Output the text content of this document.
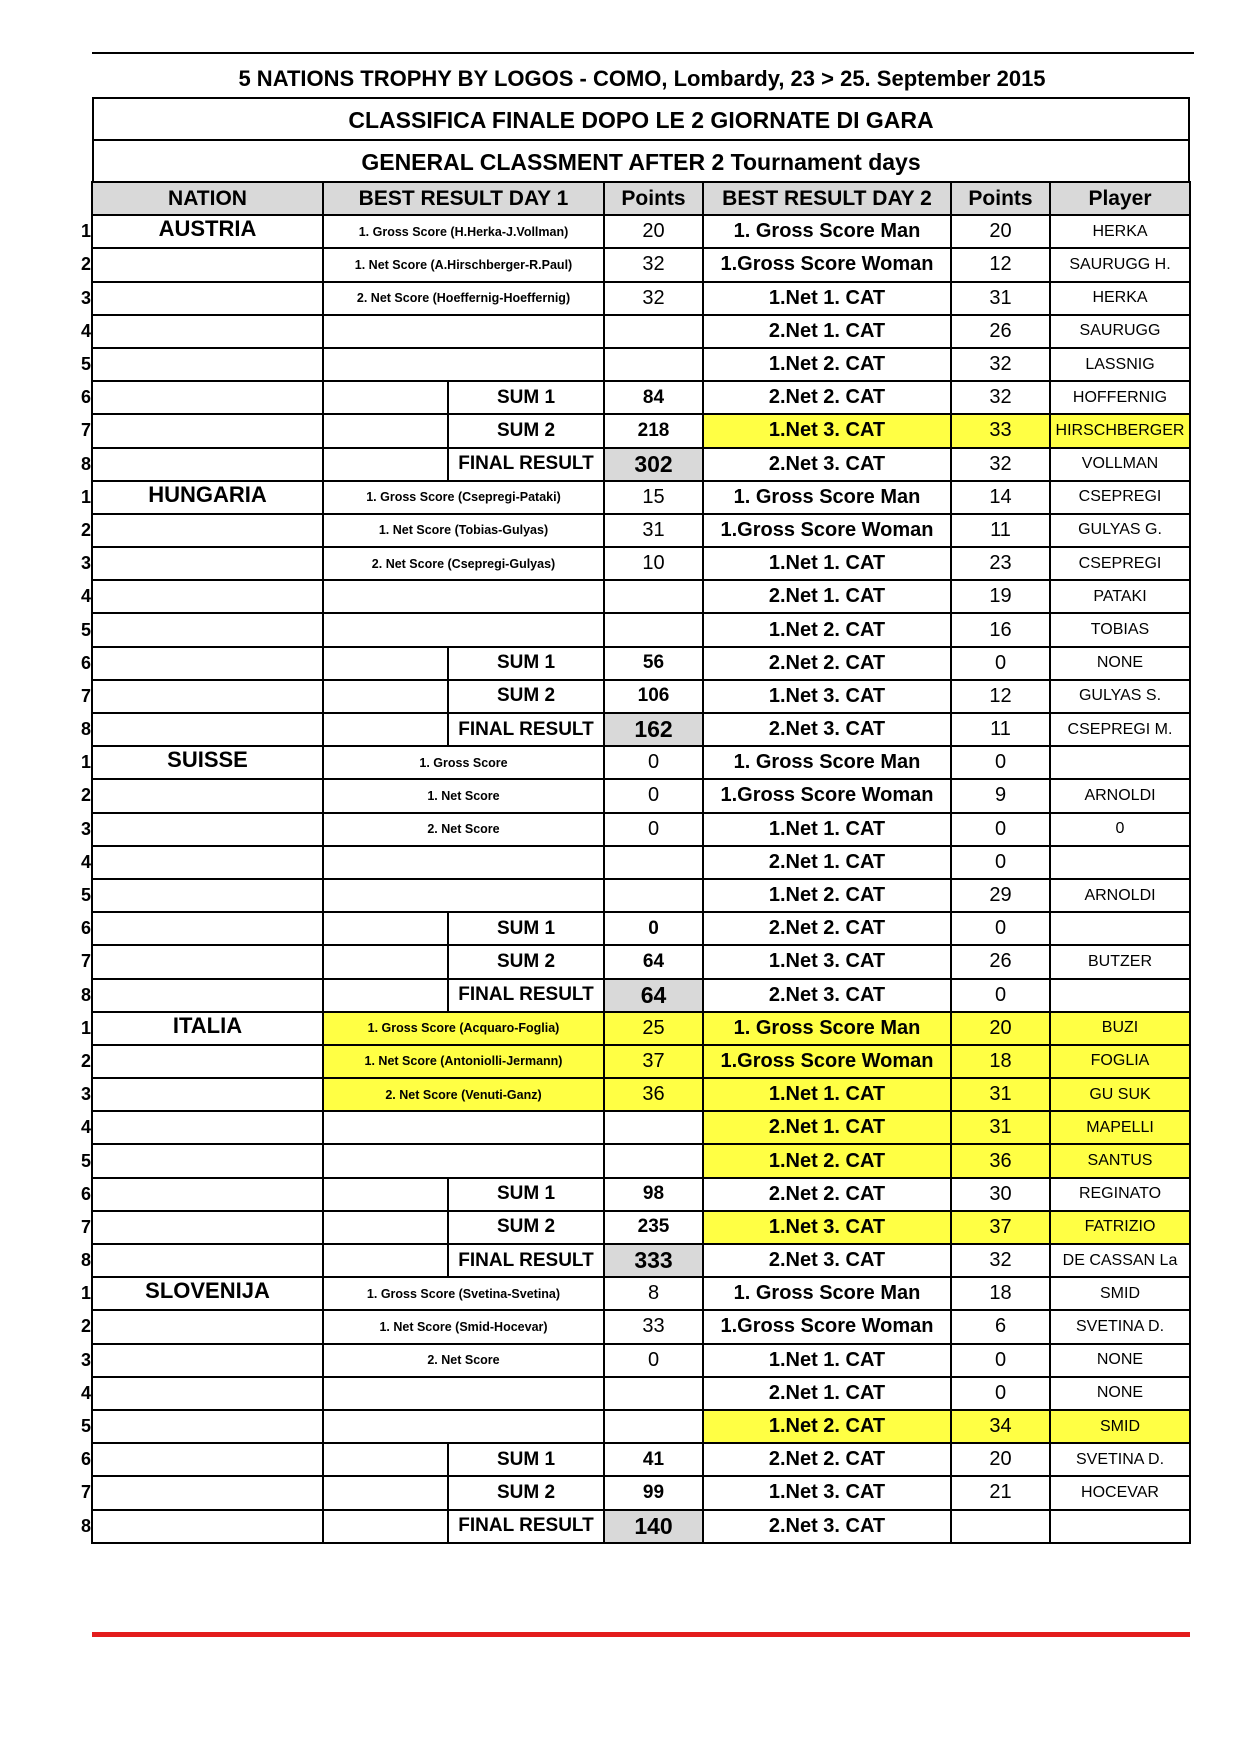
5 NATIONS TROPHY BY LOGOS - COMO, Lombardy, 23 > 25. September 2015
CLASSIFICA FINALE DOPO LE 2 GIORNATE DI GARA
GENERAL CLASSMENT AFTER 2 Tournament days
	NATION	BEST RESULT DAY 1		Points	BEST RESULT DAY 2	Points	Player
1	AUSTRIA	1. Gross Score (H.Herka-J.Vollman)		20	1. Gross Score Man	20	HERKA
2		1. Net Score (A.Hirschberger-R.Paul)		32	1.Gross Score Woman	12	SAURUGG H.
3		2. Net Score (Hoeffernig-Hoeffernig)		32	1.Net 1. CAT	31	HERKA
4					2.Net 1. CAT	26	SAURUGG
5					1.Net 2. CAT	32	LASSNIG
6			SUM 1	84	2.Net 2. CAT	32	HOFFERNIG
7			SUM 2	218	1.Net 3. CAT	33	HIRSCHBERGER
8			FINAL RESULT	302	2.Net 3. CAT	32	VOLLMAN
1	HUNGARIA	1. Gross Score (Csepregi-Pataki)		15	1. Gross Score Man	14	CSEPREGI
2		1. Net Score (Tobias-Gulyas)		31	1.Gross Score Woman	11	GULYAS G.
3		2. Net Score (Csepregi-Gulyas)		10	1.Net 1. CAT	23	CSEPREGI
4					2.Net 1. CAT	19	PATAKI
5					1.Net 2. CAT	16	TOBIAS
6			SUM 1	56	2.Net 2. CAT	0	NONE
7			SUM 2	106	1.Net 3. CAT	12	GULYAS S.
8			FINAL RESULT	162	2.Net 3. CAT	11	CSEPREGI M.
1	SUISSE	1. Gross Score		0	1. Gross Score Man	0	
2		1. Net Score		0	1.Gross Score Woman	9	ARNOLDI
3		2. Net Score		0	1.Net 1. CAT	0	0
4					2.Net 1. CAT	0	
5					1.Net 2. CAT	29	ARNOLDI
6			SUM 1	0	2.Net 2. CAT	0	
7			SUM 2	64	1.Net 3. CAT	26	BUTZER
8			FINAL RESULT	64	2.Net 3. CAT	0	
1	ITALIA	1. Gross Score (Acquaro-Foglia)		25	1. Gross Score Man	20	BUZI
2		1. Net Score (Antoniolli-Jermann)		37	1.Gross Score Woman	18	FOGLIA
3		2. Net Score (Venuti-Ganz)		36	1.Net 1. CAT	31	GU SUK
4					2.Net 1. CAT	31	MAPELLI
5					1.Net 2. CAT	36	SANTUS
6			SUM 1	98	2.Net 2. CAT	30	REGINATO
7			SUM 2	235	1.Net 3. CAT	37	FATRIZIO
8			FINAL RESULT	333	2.Net 3. CAT	32	DE CASSAN La
1	SLOVENIJA	1. Gross Score (Svetina-Svetina)		8	1. Gross Score Man	18	SMID
2		1. Net Score (Smid-Hocevar)		33	1.Gross Score Woman	6	SVETINA D.
3		2. Net Score		0	1.Net 1. CAT	0	NONE
4					2.Net 1. CAT	0	NONE
5					1.Net 2. CAT	34	SMID
6			SUM 1	41	2.Net 2. CAT	20	SVETINA D.
7			SUM 2	99	1.Net 3. CAT	21	HOCEVAR
8			FINAL RESULT	140	2.Net 3. CAT		
